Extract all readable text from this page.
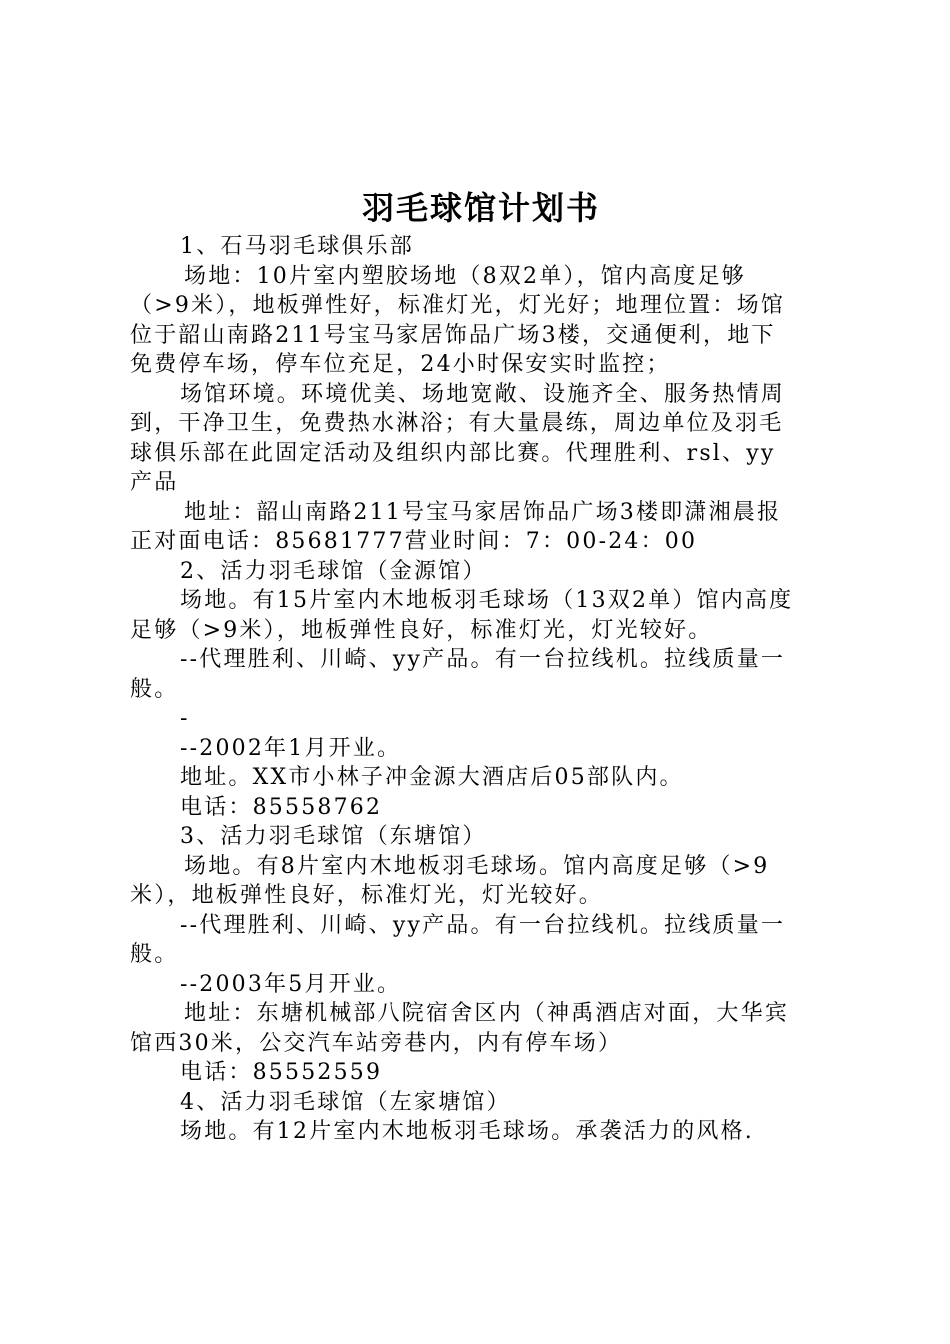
羽毛球馆计划书

1、石马羽毛球俱乐部

场地：10片室内塑胶场地（8双2单），馆内高度足够

（>9米），地板弹性好，标准灯光，灯光好；地理位置：场馆

位于韶山南路211号宝马家居饰品广场3楼，交通便利，地下

免费停车场，停车位充足，24小时保安实时监控；

场馆环境。环境优美、场地宽敞、设施齐全、服务热情周

到，干净卫生，免费热水淋浴；有大量晨练，周边单位及羽毛

球俱乐部在此固定活动及组织内部比赛。代理胜利、rsl、yy

产品

地址：韶山南路211号宝马家居饰品广场3楼即潇湘晨报

正对面电话：85681777营业时间：7：00-24：00

2、活力羽毛球馆（金源馆）

场地。有15片室内木地板羽毛球场（13双2单）馆内高度

足够（>9米），地板弹性良好，标准灯光，灯光较好。

--代理胜利、川崎、yy产品。有一台拉线机。拉线质量一

般。

-

--2002年1月开业。

地址。XX市小林子冲金源大酒店后05部队内。

电话：85558762

3、活力羽毛球馆（东塘馆）

场地。有8片室内木地板羽毛球场。馆内高度足够（>9

米），地板弹性良好，标准灯光，灯光较好。

--代理胜利、川崎、yy产品。有一台拉线机。拉线质量一

般。

--2003年5月开业。

地址：东塘机械部八院宿舍区内（神禹酒店对面，大华宾

馆西30米，公交汽车站旁巷内，内有停车场）

电话：85552559

4、活力羽毛球馆（左家塘馆）

场地。有12片室内木地板羽毛球场。承袭活力的风格.
